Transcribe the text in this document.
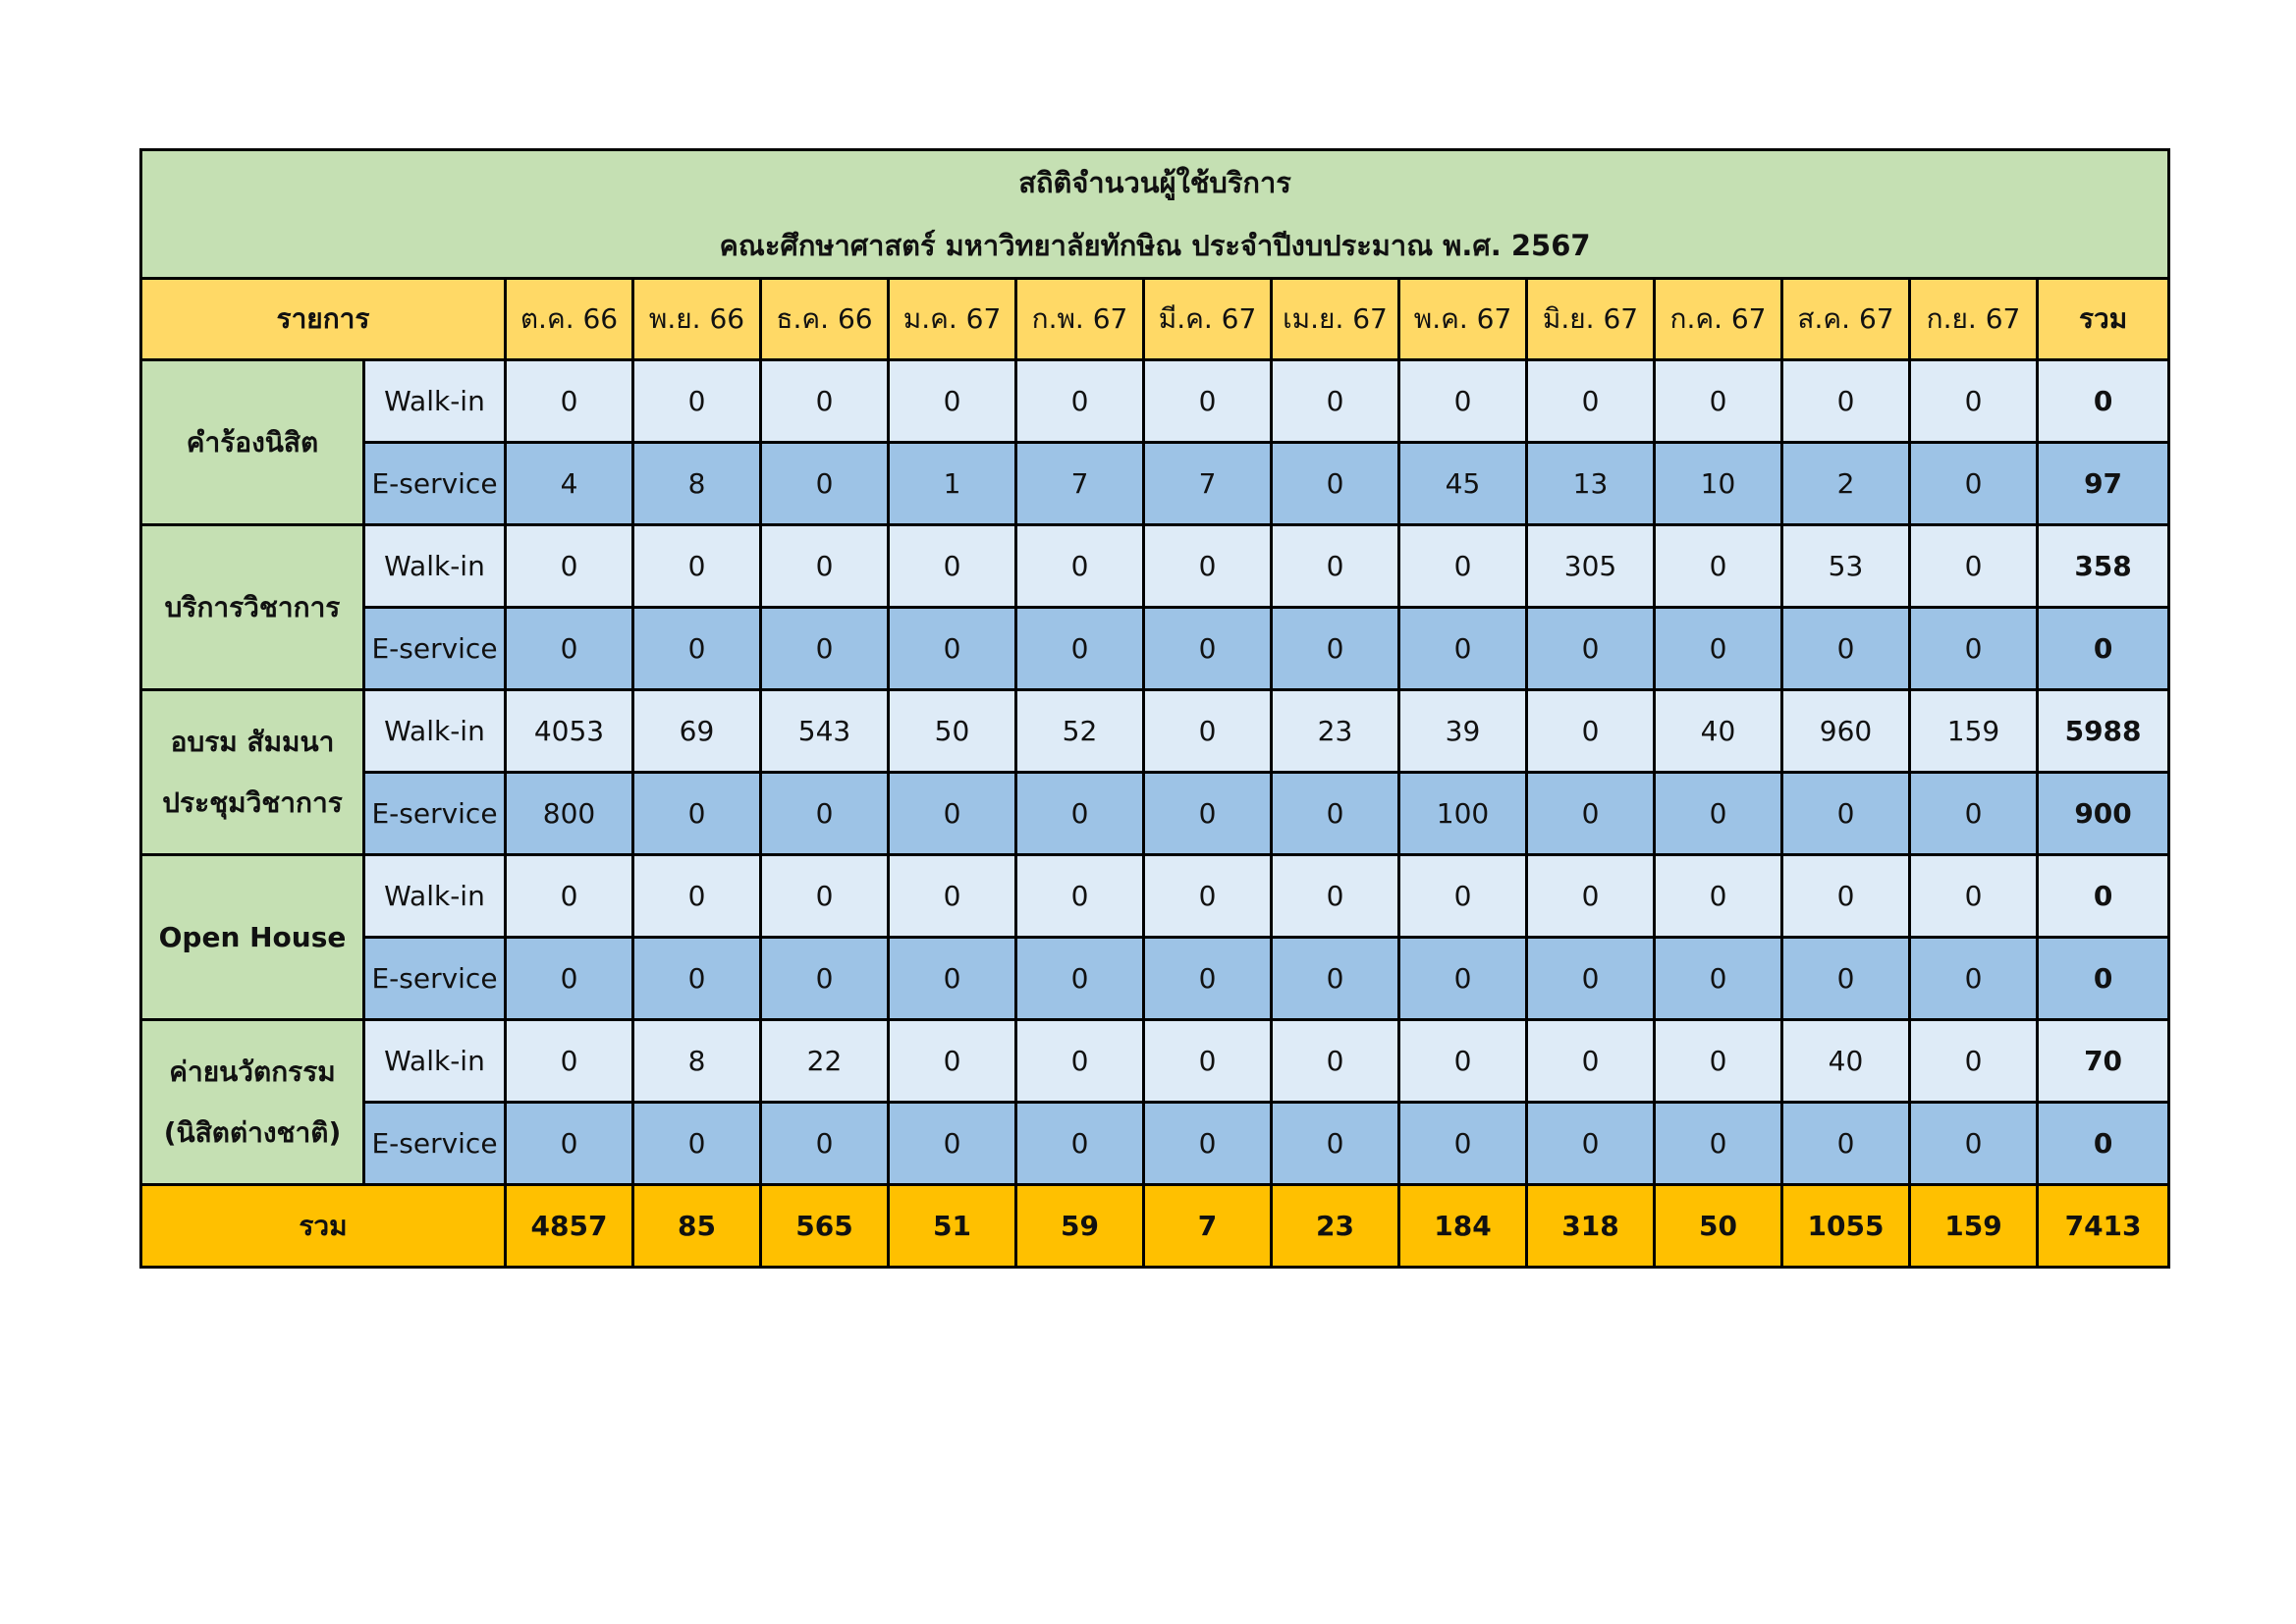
สถิติจำนวนผู้ใช้บริการ
คณะศึกษาศาสตร์ มหาวิทยาลัยทักษิณ ประจำปีงบประมาณ พ.ศ. 2567														

รายการ		ต.ค. 66	พ.ย. 66	ธ.ค. 66	ม.ค. 67	ก.พ. 67	มี.ค. 67	เม.ย. 67	พ.ค. 67	มิ.ย. 67	ก.ค. 67	ส.ค. 67	ก.ย. 67	รวม

คำร้องนิสิต	Walk-in	0	0	0	0	0	0	0	0	0	0	0	0	0
	E-service	4	8	0	1	7	7	0	45	13	10	2	0	97

บริการวิชาการ	Walk-in	0	0	0	0	0	0	0	0	305	0	53	0	358
	E-service	0	0	0	0	0	0	0	0	0	0	0	0	0

อบรม สัมมนา
ประชุมวิชาการ	Walk-in	4053	69	543	50	52	0	23	39	0	40	960	159	5988
	E-service	800	0	0	0	0	0	0	100	0	0	0	0	900

Open House	Walk-in	0	0	0	0	0	0	0	0	0	0	0	0	0
	E-service	0	0	0	0	0	0	0	0	0	0	0	0	0

ค่ายนวัตกรรม
(นิสิตต่างชาติ)	Walk-in	0	8	22	0	0	0	0	0	0	0	40	0	70
	E-service	0	0	0	0	0	0	0	0	0	0	0	0	0
รวม		4857	85	565	51	59	7	23	184	318	50	1055	159	7413
